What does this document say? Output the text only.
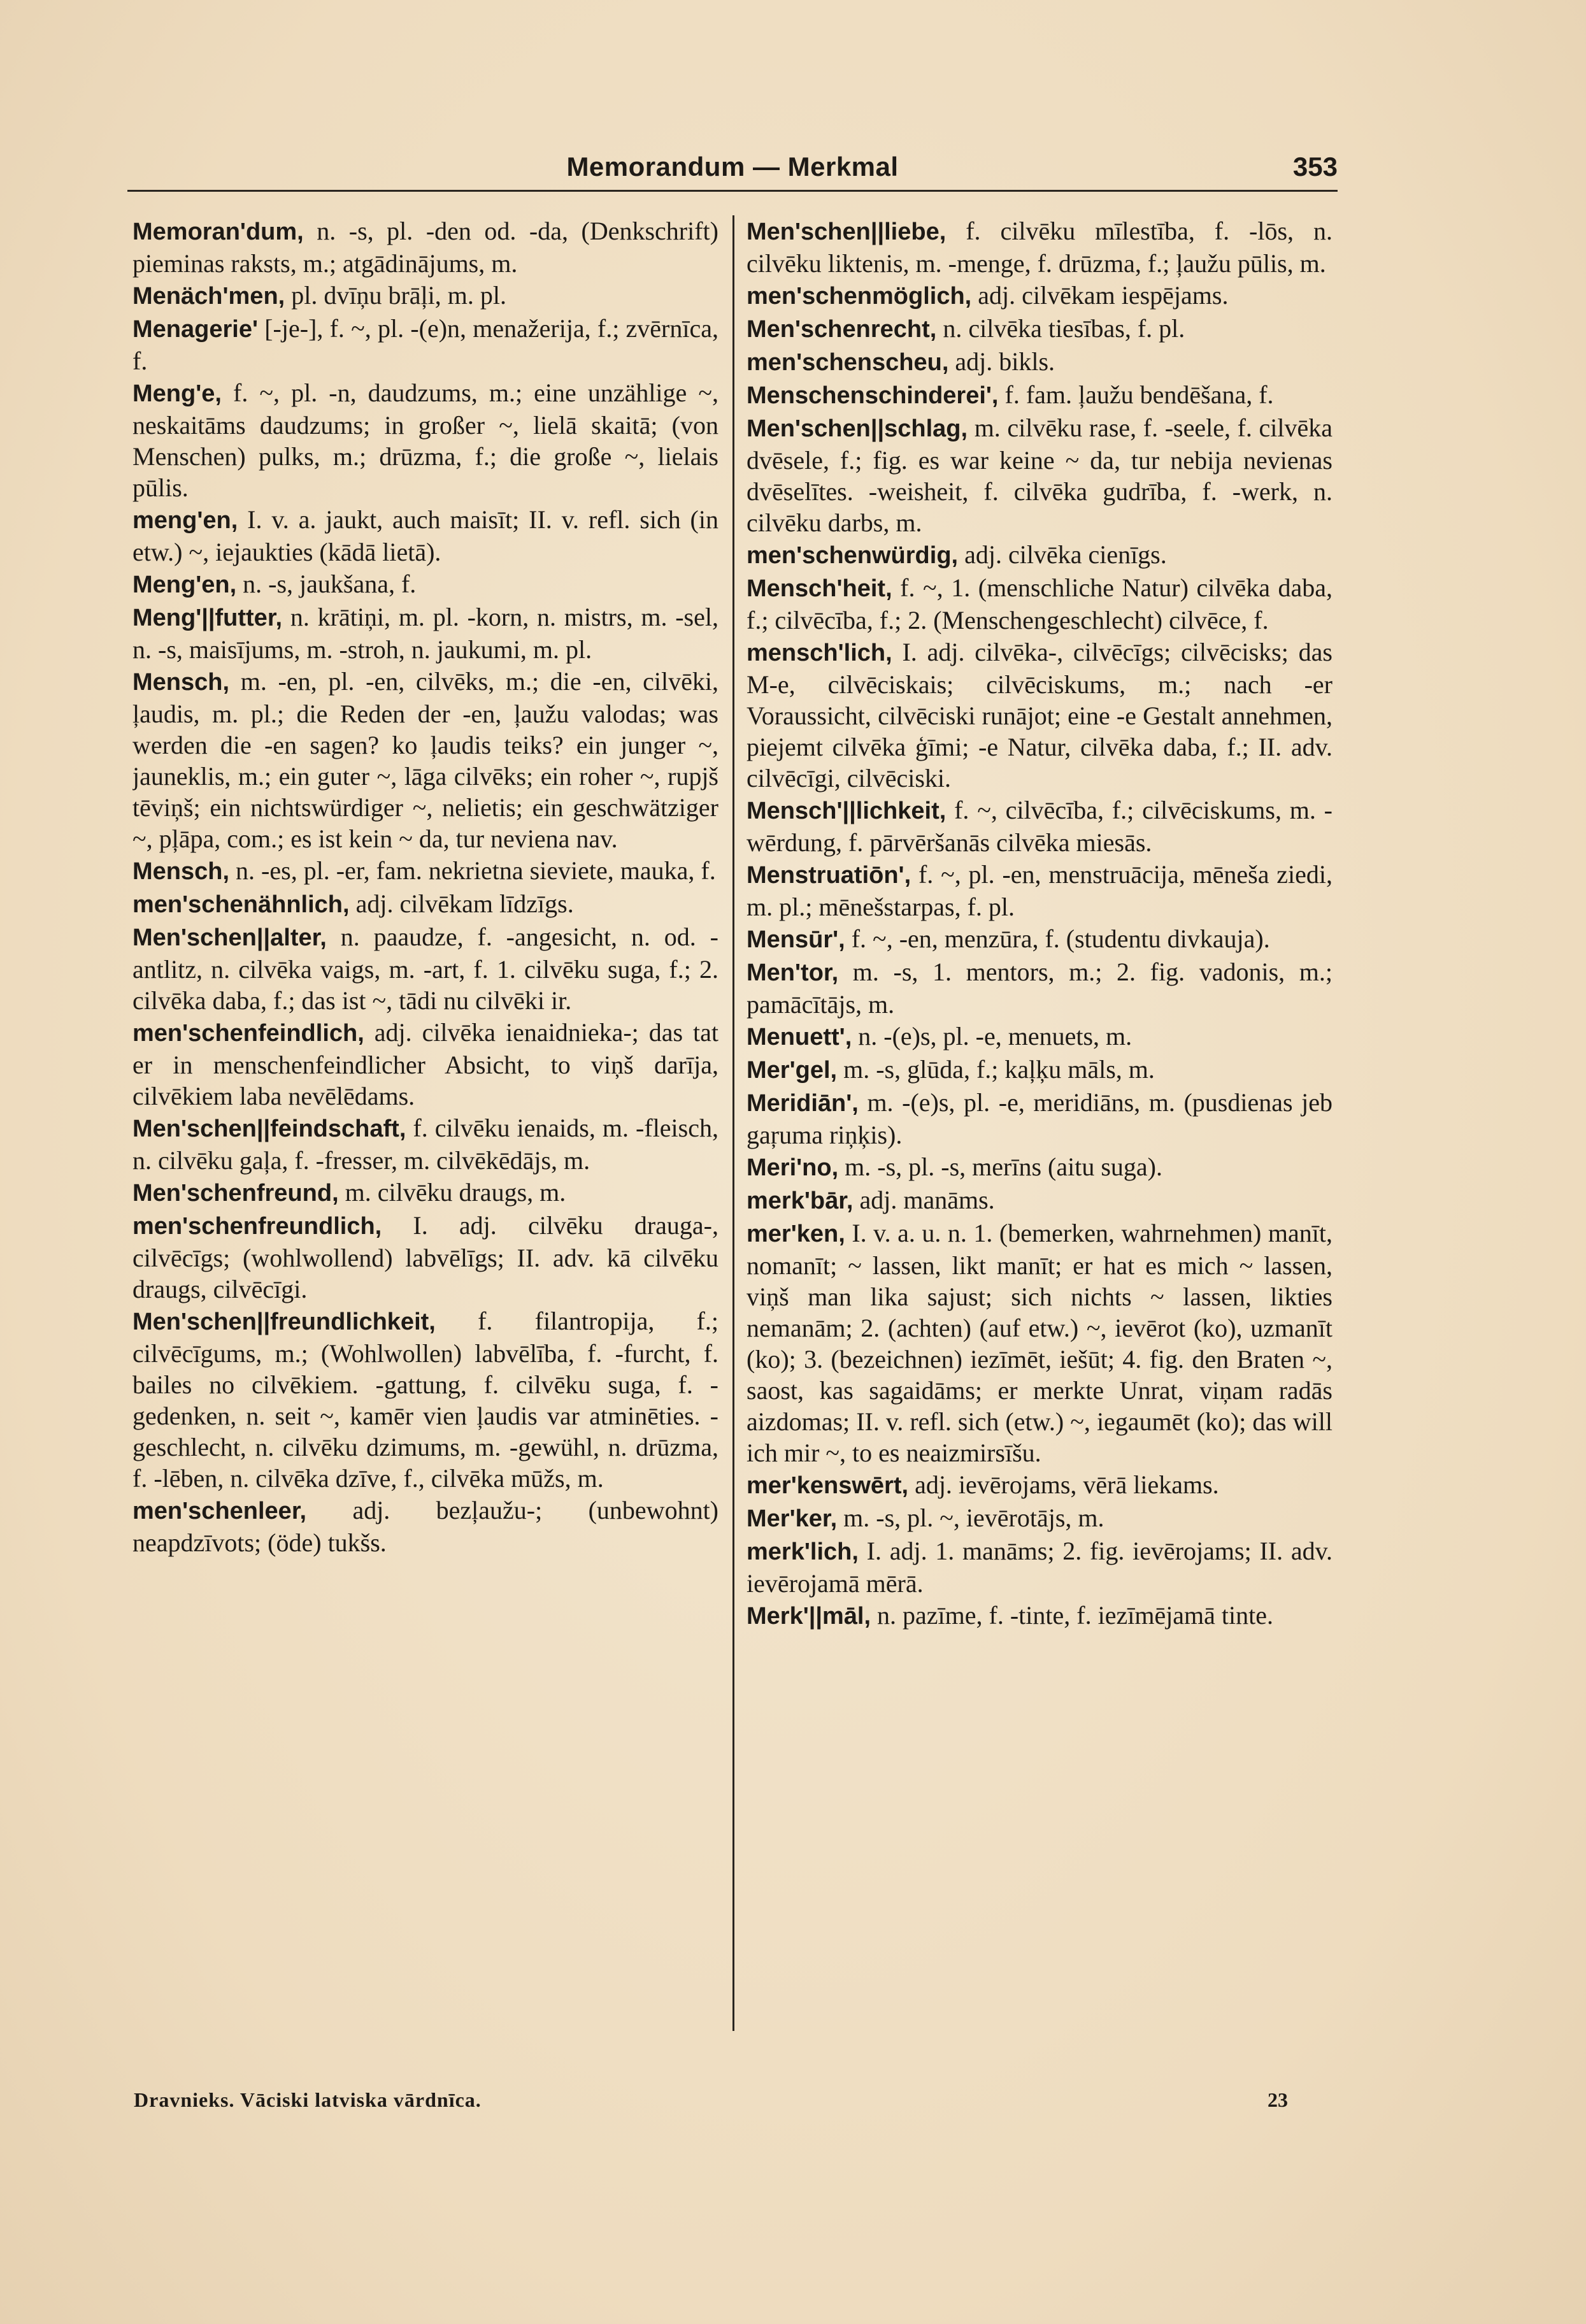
Memorandum — Merkmal	353

Memoran'dum, n. -s, pl. -den od. -da, (Denkschrift) pieminas raksts, m.; atgādinājums, m.

Menäch'men, pl. dvīņu brāļi, m. pl.

Menagerie' [-je-], f. ~, pl. -(e)n, menažerija, f.; zvērnīca, f.

Meng'e, f. ~, pl. -n, daudzums, m.; eine unzählige ~, neskaitāms daudzums; in großer ~, lielā skaitā; (von Menschen) pulks, m.; drūzma, f.; die große ~, lielais pūlis.

meng'en, I. v. a. jaukt, auch maisīt; II. v. refl. sich (in etw.) ~, iejaukties (kādā lietā).

Meng'en, n. -s, jaukšana, f.

Meng'||futter, n. krātiņi, m. pl. -korn, n. mistrs, m. -sel, n. -s, maisījums, m. -stroh, n. jaukumi, m. pl.

Mensch, m. -en, pl. -en, cilvēks, m.; die -en, cilvēki, ļaudis, m. pl.; die Reden der -en, ļaužu valodas; was werden die -en sagen? ko ļaudis teiks? ein junger ~, jauneklis, m.; ein guter ~, lāga cilvēks; ein roher ~, rupjš tēviņš; ein nichtswürdiger ~, nelietis; ein geschwätziger ~, pļāpa, com.; es ist kein ~ da, tur neviena nav.

Mensch, n. -es, pl. -er, fam. nekrietna sieviete, mauka, f.

men'schenähnlich, adj. cilvēkam līdzīgs.

Men'schen||alter, n. paaudze, f. -angesicht, n. od. -antlitz, n. cilvēka vaigs, m. -art, f. 1. cilvēku suga, f.; 2. cilvēka daba, f.; das ist ~, tādi nu cilvēki ir.

men'schenfeindlich, adj. cilvēka ienaidnieka-; das tat er in menschenfeindlicher Absicht, to viņš darīja, cilvēkiem laba nevēlēdams.

Men'schen||feindschaft, f. cilvēku ienaids, m. -fleisch, n. cilvēku gaļa, f. -fresser, m. cilvēkēdājs, m.

Men'schenfreund, m. cilvēku draugs, m.

men'schenfreundlich, I. adj. cilvēku draugа-, cilvēcīgs; (wohlwollend) labvēlīgs; II. adv. kā cilvēku draugs, cilvēcīgi.

Men'schen||freundlichkeit, f. filantropija, f.; cilvēcīgums, m.; (Wohlwollen) labvēlība, f. -furcht, f. bailes no cilvēkiem. -gattung, f. cilvēku suga, f. -gedenken, n. seit ~, kamēr vien ļaudis var atminēties. -geschlecht, n. cilvēku dzimums, m. -gewühl, n. drūzma, f. -lēben, n. cilvēka dzīve, f., cilvēka mūžs, m.

men'schenleer, adj. bezļaužu-; (unbewohnt) neapdzīvots; (öde) tukšs.

Men'schen||liebe, f. cilvēku mīlestība, f. -lōs, n. cilvēku liktenis, m. -menge, f. drūzma, f.; ļaužu pūlis, m.

men'schenmöglich, adj. cilvēkam iespējams.

Men'schenrecht, n. cilvēka tiesības, f. pl.

men'schenscheu, adj. bikls.

Menschenschinderei', f. fam. ļaužu bendēšana, f.

Men'schen||schlag, m. cilvēku rase, f. -seele, f. cilvēka dvēsele, f.; fig. es war keine ~ da, tur nebija nevienas dvēselītes. -weisheit, f. cilvēka gudrība, f. -werk, n. cilvēku darbs, m.

men'schenwürdig, adj. cilvēka cienīgs.

Mensch'heit, f. ~, 1. (menschliche Natur) cilvēka daba, f.; cilvēcība, f.; 2. (Menschengeschlecht) cilvēce, f.

mensch'lich, I. adj. cilvēka-, cilvēcīgs; cilvēcisks; das M-e, cilvēciskais; cilvēciskums, m.; nach -er Voraussicht, cilvēciski runājot; eine -e Gestalt annehmen, piejemt cilvēka ģīmi; -e Natur, cilvēka daba, f.; II. adv. cilvēcīgi, cilvēciski.

Mensch'||lichkeit, f. ~, cilvēcība, f.; cilvēciskums, m. -wērdung, f. pārvēršanās cilvēka miesās.

Menstruatiōn', f. ~, pl. -en, menstruācija, mēneša ziedi, m. pl.; mēnešstarpas, f. pl.

Mensūr', f. ~, -en, menzūra, f. (studentu divkauja).

Men'tor, m. -s, 1. mentors, m.; 2. fig. vadonis, m.; pamācītājs, m.

Menuett', n. -(e)s, pl. -e, menuets, m.

Mer'gel, m. -s, glūda, f.; kaļķu māls, m.

Meridiān', m. -(e)s, pl. -e, meridiāns, m. (pusdienas jeb gaŗuma riņķis).

Meri'no, m. -s, pl. -s, merīns (aitu suga).

merk'bār, adj. manāms.

mer'ken, I. v. a. u. n. 1. (bemerken, wahrnehmen) manīt, nomanīt; ~ lassen, likt manīt; er hat es mich ~ lassen, viņš man lika sajust; sich nichts ~ lassen, likties nemanām; 2. (achten) (auf etw.) ~, ievērot (ko), uzmanīt (ko); 3. (bezeichnen) iezīmēt, iešūt; 4. fig. den Braten ~, saost, kas sagaidāms; er merkte Unrat, viņam radās aizdomas; II. v. refl. sich (etw.) ~, iegaumēt (ko); das will ich mir ~, to es neaizmirsīšu.

mer'kenswērt, adj. ievērojams, vērā liekams.

Mer'ker, m. -s, pl. ~, ievērotājs, m.

merk'lich, I. adj. 1. manāms; 2. fig. ievērojams; II. adv. ievērojamā mērā.

Merk'||māl, n. pazīme, f. -tinte, f. iezīmējamā tinte.

Dravnieks. Vāciski latviska vārdnīca.	23
